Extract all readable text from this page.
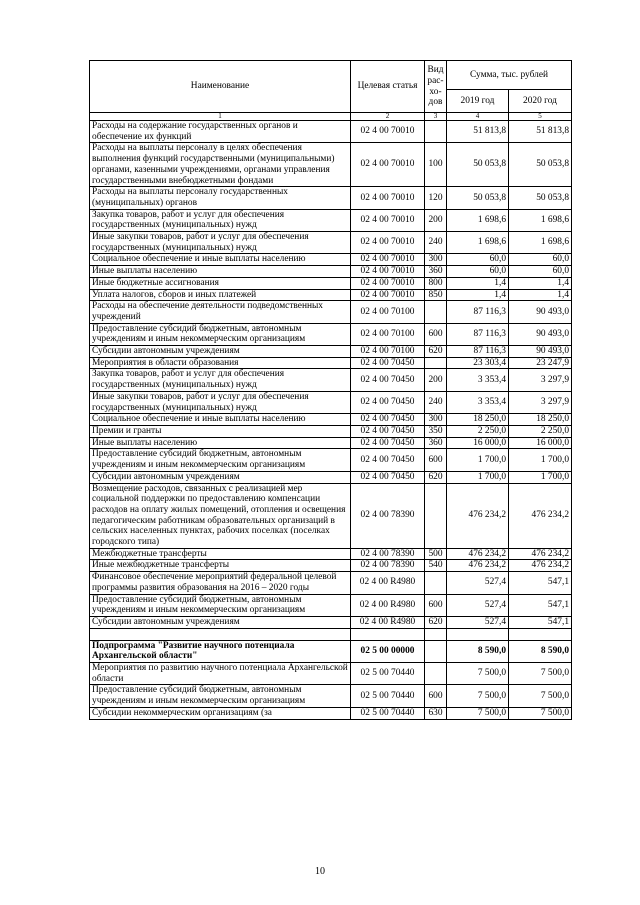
Наименование	Целевая статья	Вид рас-хо-дов	Сумма, тыс. рублей	
			2019 год	2020 год
1	2	3	4	5
Расходы на содержание государственных органов и обеспечение их функций	02 4 00 70010		51 813,8	51 813,8
Расходы на выплаты персоналу в целях обеспечения выполнения функций государственными (муниципальными) органами, казенными учреждениями, органами управления государственными внебюджетными фондами	02 4 00 70010	100	50 053,8	50 053,8
Расходы на выплаты персоналу государственных (муниципальных) органов	02 4 00 70010	120	50 053,8	50 053,8
Закупка товаров, работ и услуг для обеспечения государственных (муниципальных) нужд	02 4 00 70010	200	1 698,6	1 698,6
Иные закупки товаров, работ и услуг для обеспечения государственных (муниципальных) нужд	02 4 00 70010	240	1 698,6	1 698,6
Социальное обеспечение и иные выплаты населению	02 4 00 70010	300	60,0	60,0
Иные выплаты населению	02 4 00 70010	360	60,0	60,0
Иные бюджетные ассигнования	02 4 00 70010	800	1,4	1,4
Уплата налогов, сборов и иных платежей	02 4 00 70010	850	1,4	1,4
Расходы на обеспечение деятельности подведомственных учреждений	02 4 00 70100		87 116,3	90 493,0
Предоставление субсидий бюджетным, автономным учреждениям и иным некоммерческим организациям	02 4 00 70100	600	87 116,3	90 493,0
Субсидии автономным учреждениям	02 4 00 70100	620	87 116,3	90 493,0
Мероприятия в области образования	02 4 00 70450		23 303,4	23 247,9
Закупка товаров, работ и услуг для обеспечения государственных (муниципальных) нужд	02 4 00 70450	200	3 353,4	3 297,9
Иные закупки товаров, работ и услуг для обеспечения государственных (муниципальных) нужд	02 4 00 70450	240	3 353,4	3 297,9
Социальное обеспечение и иные выплаты населению	02 4 00 70450	300	18 250,0	18 250,0
Премии и гранты	02 4 00 70450	350	2 250,0	2 250,0
Иные выплаты населению	02 4 00 70450	360	16 000,0	16 000,0
Предоставление субсидий бюджетным, автономным учреждениям и иным некоммерческим организациям	02 4 00 70450	600	1 700,0	1 700,0
Субсидии автономным учреждениям	02 4 00 70450	620	1 700,0	1 700,0
Возмещение расходов, связанных с реализацией мер социальной поддержки по предоставлению компенсации расходов на оплату жилых помещений, отопления и освещения педагогическим работникам образовательных организаций в сельских населенных пунктах, рабочих поселках (поселках городского типа)	02 4 00 78390		476 234,2	476 234,2
Межбюджетные трансферты	02 4 00 78390	500	476 234,2	476 234,2
Иные межбюджетные трансферты	02 4 00 78390	540	476 234,2	476 234,2
Финансовое обеспечение мероприятий федеральной целевой программы развития образования на 2016 – 2020 годы	02 4 00 R4980		527,4	547,1
Предоставление субсидий бюджетным, автономным учреждениям и иным некоммерческим организациям	02 4 00 R4980	600	527,4	547,1
Субсидии автономным учреждениям	02 4 00 R4980	620	527,4	547,1

Подпрограмма "Развитие научного потенциала Архангельской области"	02 5 00 00000		8 590,0	8 590,0
Мероприятия по развитию научного потенциала Архангельской области	02 5 00 70440		7 500,0	7 500,0
Предоставление субсидий бюджетным, автономным учреждениям и иным некоммерческим организациям	02 5 00 70440	600	7 500,0	7 500,0
Субсидии некоммерческим организациям (за	02 5 00 70440	630	7 500,0	7 500,0
10
